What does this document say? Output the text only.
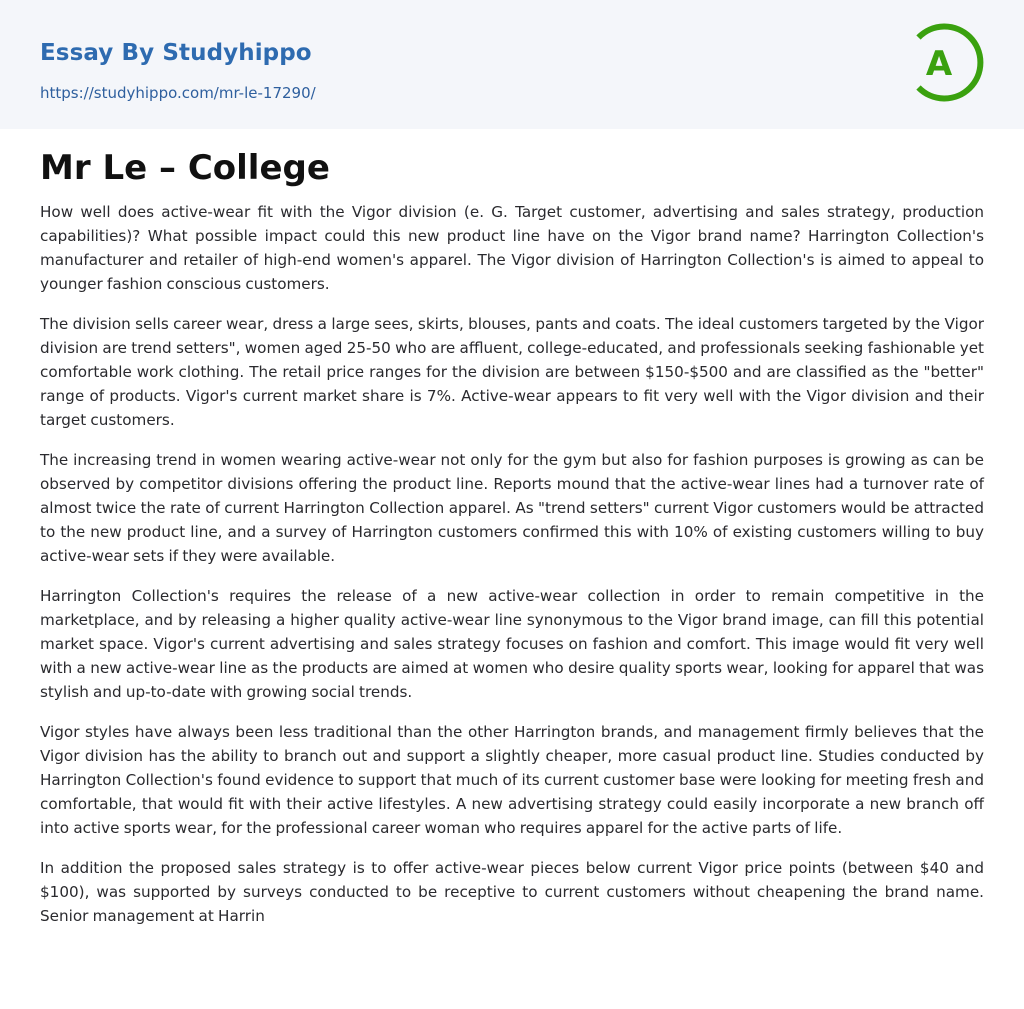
Essay By Studyhippo
https://studyhippo.com/mr-le-17290/
A
Mr Le – College

How well does active-wear fit with the Vigor division (e. G. Target customer, advertising and sales strategy, production capabilities)? What possible impact could this new product line have on the Vigor brand name? Harrington Collection's manufacturer and retailer of high-end women's apparel. The Vigor division of Harrington Collection's is aimed to appeal to younger fashion conscious customers.

The division sells career wear, dress a large sees, skirts, blouses, pants and coats. The ideal customers targeted by the Vigor division are trend setters", women aged 25-50 who are affluent, college-educated, and professionals seeking fashionable yet comfortable work clothing. The retail price ranges for the division are between $150-$500 and are classified as the "better" range of products. Vigor's current market share is 7%. Active-wear appears to fit very well with the Vigor division and their target customers.

The increasing trend in women wearing active-wear not only for the gym but also for fashion purposes is growing as can be observed by competitor divisions offering the product line. Reports mound that the active-wear lines had a turnover rate of almost twice the rate of current Harrington Collection apparel. As "trend setters" current Vigor customers would be attracted to the new product line, and a survey of Harrington customers confirmed this with 10% of existing customers willing to buy active-wear sets if they were available.

Harrington Collection's requires the release of a new active-wear collection in order to remain competitive in the marketplace, and by releasing a higher quality active-wear line synonymous to the Vigor brand image, can fill this potential market space. Vigor's current advertising and sales strategy focuses on fashion and comfort. This image would fit very well with a new active-wear line as the products are aimed at women who desire quality sports wear, looking for apparel that was stylish and up-to-date with growing social trends.

Vigor styles have always been less traditional than the other Harrington brands, and management firmly believes that the Vigor division has the ability to branch out and support a slightly cheaper, more casual product line. Studies conducted by Harrington Collection's found evidence to support that much of its current customer base were looking for meeting fresh and comfortable, that would fit with their active lifestyles. A new advertising strategy could easily incorporate a new branch off into active sports wear, for the professional career woman who requires apparel for the active parts of life.

In addition the proposed sales strategy is to offer active-wear pieces below current Vigor price points (between $40 and $100), was supported by surveys conducted to be receptive to current customers without cheapening the brand name. Senior management at Harrin
